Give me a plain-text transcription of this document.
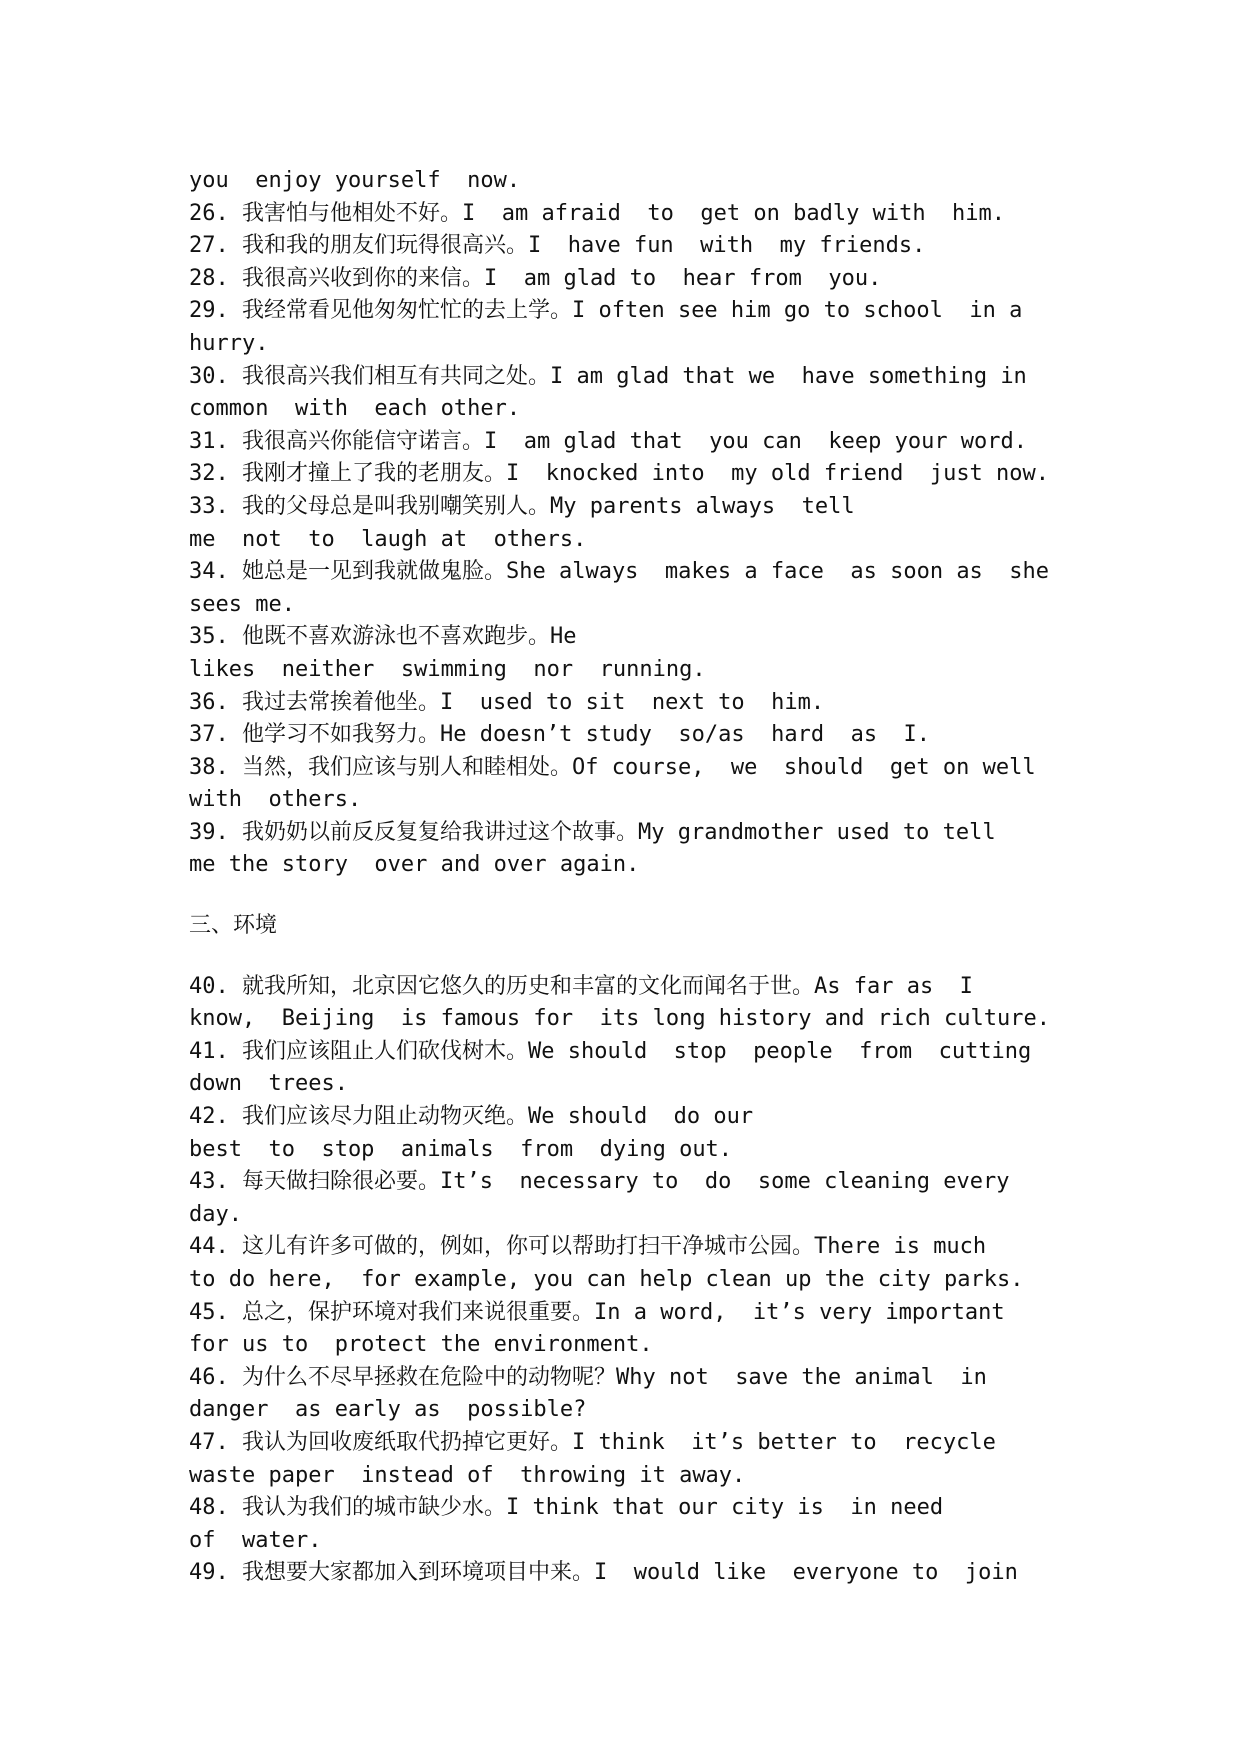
you  enjoy yourself  now.
26. 我害怕与他相处不好。I  am afraid  to  get on badly with  him.
27. 我和我的朋友们玩得很高兴。I  have fun  with  my friends.
28. 我很高兴收到你的来信。I  am glad to  hear from  you.
29. 我经常看见他匆匆忙忙的去上学。I often see him go to school  in a
hurry.
30. 我很高兴我们相互有共同之处。I am glad that we  have something in
common  with  each other.
31. 我很高兴你能信守诺言。I  am glad that  you can  keep your word.
32. 我刚才撞上了我的老朋友。I  knocked into  my old friend  just now.
33. 我的父母总是叫我别嘲笑别人。My parents always  tell
me  not  to  laugh at  others.
34. 她总是一见到我就做鬼脸。She always  makes a face  as soon as  she
sees me.
35. 他既不喜欢游泳也不喜欢跑步。He
likes  neither  swimming  nor  running.
36. 我过去常挨着他坐。I  used to sit  next to  him.
37. 他学习不如我努力。He doesn’t study  so/as  hard  as  I.
38. 当然，我们应该与别人和睦相处。Of course,  we  should  get on well
with  others.
39. 我奶奶以前反反复复给我讲过这个故事。My grandmother used to tell
me the story  over and over again.
三、环境
40. 就我所知，北京因它悠久的历史和丰富的文化而闻名于世。As far as  I
know,  Beijing  is famous for  its long history and rich culture.
41. 我们应该阻止人们砍伐树木。We should  stop  people  from  cutting
down  trees.
42. 我们应该尽力阻止动物灭绝。We should  do our
best  to  stop  animals  from  dying out.
43. 每天做扫除很必要。It’s  necessary to  do  some cleaning every
day.
44. 这儿有许多可做的，例如，你可以帮助打扫干净城市公园。There is much
to do here,  for example, you can help clean up the city parks.
45. 总之，保护环境对我们来说很重要。In a word,  it’s very important
for us to  protect the environment.
46. 为什么不尽早拯救在危险中的动物呢？Why not  save the animal  in
danger  as early as  possible?
47. 我认为回收废纸取代扔掉它更好。I think  it’s better to  recycle
waste paper  instead of  throwing it away.
48. 我认为我们的城市缺少水。I think that our city is  in need
of  water.
49. 我想要大家都加入到环境项目中来。I  would like  everyone to  join
